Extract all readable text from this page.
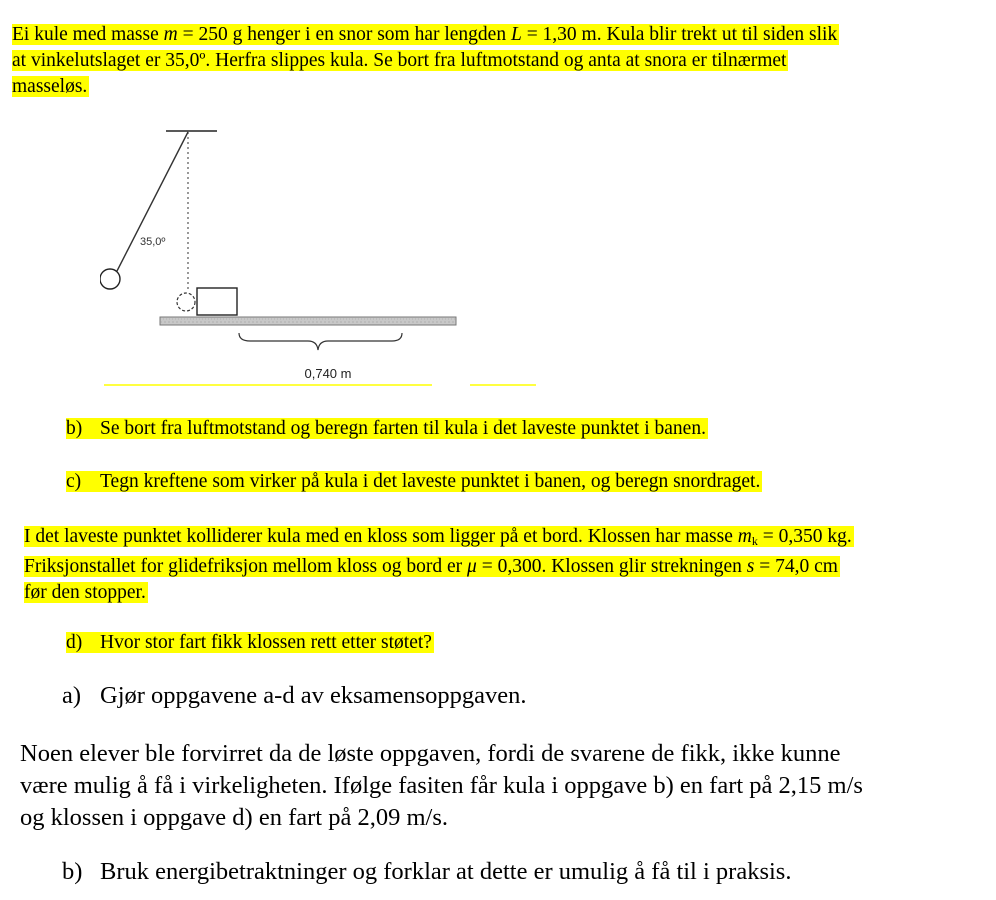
Ei kule med masse m = 250 g henger i en snor som har lengden L = 1,30 m. Kula blir trekt ut til siden slik
at vinkelutslaget er 35,0º. Herfra slippes kula. Se bort fra luftmotstand og anta at snora er tilnærmet
masseløs.
35,0º
0,740 m
b) Se bort fra luftmotstand og beregn farten til kula i det laveste punktet i banen.
c) Tegn kreftene som virker på kula i det laveste punktet i banen, og beregn snordraget.
I det laveste punktet kolliderer kula med en kloss som ligger på et bord. Klossen har masse $m_k = 0,350$ kg.
Friksjonstallet for glidefriksjon mellom kloss og bord er μ = 0,300. Klossen glir strekningen s = 74,0 cm
før den stopper.
d) Hvor stor fart fikk klossen rett etter støtet?
a) Gjør oppgavene a-d av eksamensoppgaven.
Noen elever ble forvirret da de løste oppgaven, fordi de svarene de fikk, ikke kunne
være mulig å få i virkeligheten. Ifølge fasiten får kula i oppgave b) en fart på 2,15 m/s
og klossen i oppgave d) en fart på 2,09 m/s.
b) Bruk energibetraktninger og forklar at dette er umulig å få til i praksis.
